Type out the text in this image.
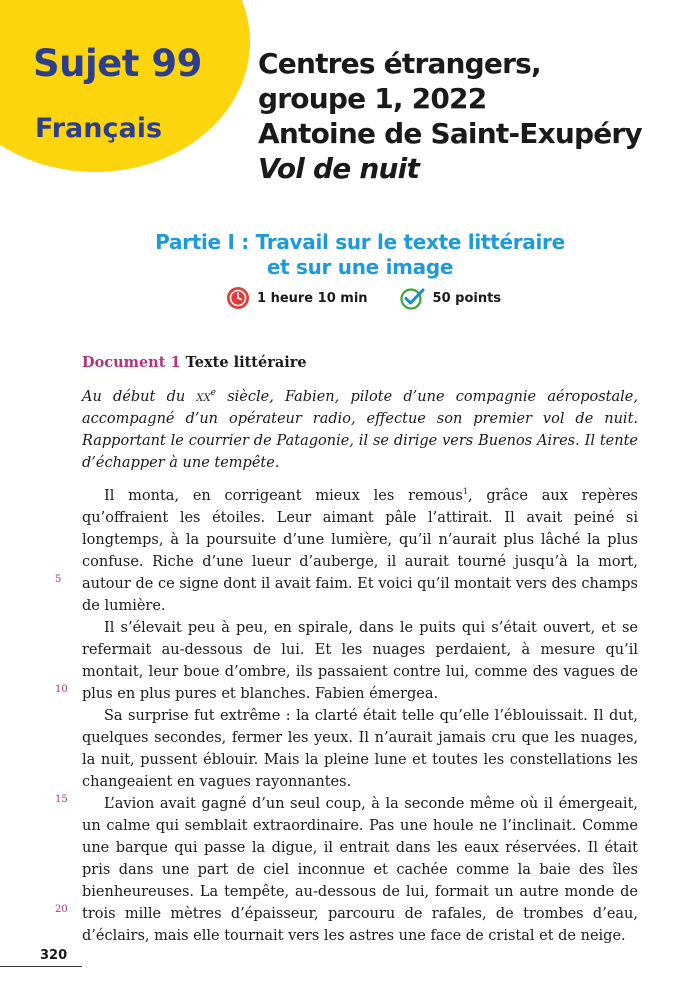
Sujet 99
Français
Centres étrangers,
groupe 1, 2022
Antoine de Saint-Exupéry
Vol de nuit
Partie I : Travail sur le texte littéraire
et sur une image
1 heure 10 min	50 points
Document 1 Texte littéraire

Au début du $xx^e$ siècle, Fabien, pilote d’une compagnie aéropostale, accompagné d’un opérateur radio, effectue son premier vol de nuit. Rapportant le courrier de Patagonie, il se dirige vers Buenos Aires. Il tente d’échapper à une tempête.

Il monta, en corrigeant mieux les remous$^1$, grâce aux repères qu’offraient les étoiles. Leur aimant pâle l’attirait. Il avait peiné si longtemps, à la poursuite d’une lumière, qu’il n’aurait plus lâché la plus confuse. Riche d’une lueur d’auberge, il aurait tourné jusqu’à la mort, autour de ce signe dont il avait faim. Et voici qu’il montait vers des champs de lumière.

Il s’élevait peu à peu, en spirale, dans le puits qui s’était ouvert, et se refermait au-dessous de lui. Et les nuages perdaient, à mesure qu’il montait, leur boue d’ombre, ils passaient contre lui, comme des vagues de plus en plus pures et blanches. Fabien émergea.

Sa surprise fut extrême : la clarté était telle qu’elle l’éblouissait. Il dut, quelques secondes, fermer les yeux. Il n’aurait jamais cru que les nuages, la nuit, pussent éblouir. Mais la pleine lune et toutes les constellations les changeaient en vagues rayonnantes.

L’avion avait gagné d’un seul coup, à la seconde même où il émergeait, un calme qui semblait extraordinaire. Pas une houle ne l’inclinait. Comme une barque qui passe la digue, il entrait dans les eaux réservées. Il était pris dans une part de ciel inconnue et cachée comme la baie des îles bienheureuses. La tempête, au-dessous de lui, formait un autre monde de trois mille mètres d’épaisseur, parcouru de rafales, de trombes d’eau, d’éclairs, mais elle tournait vers les astres une face de cristal et de neige.

5
10
15
20
320
